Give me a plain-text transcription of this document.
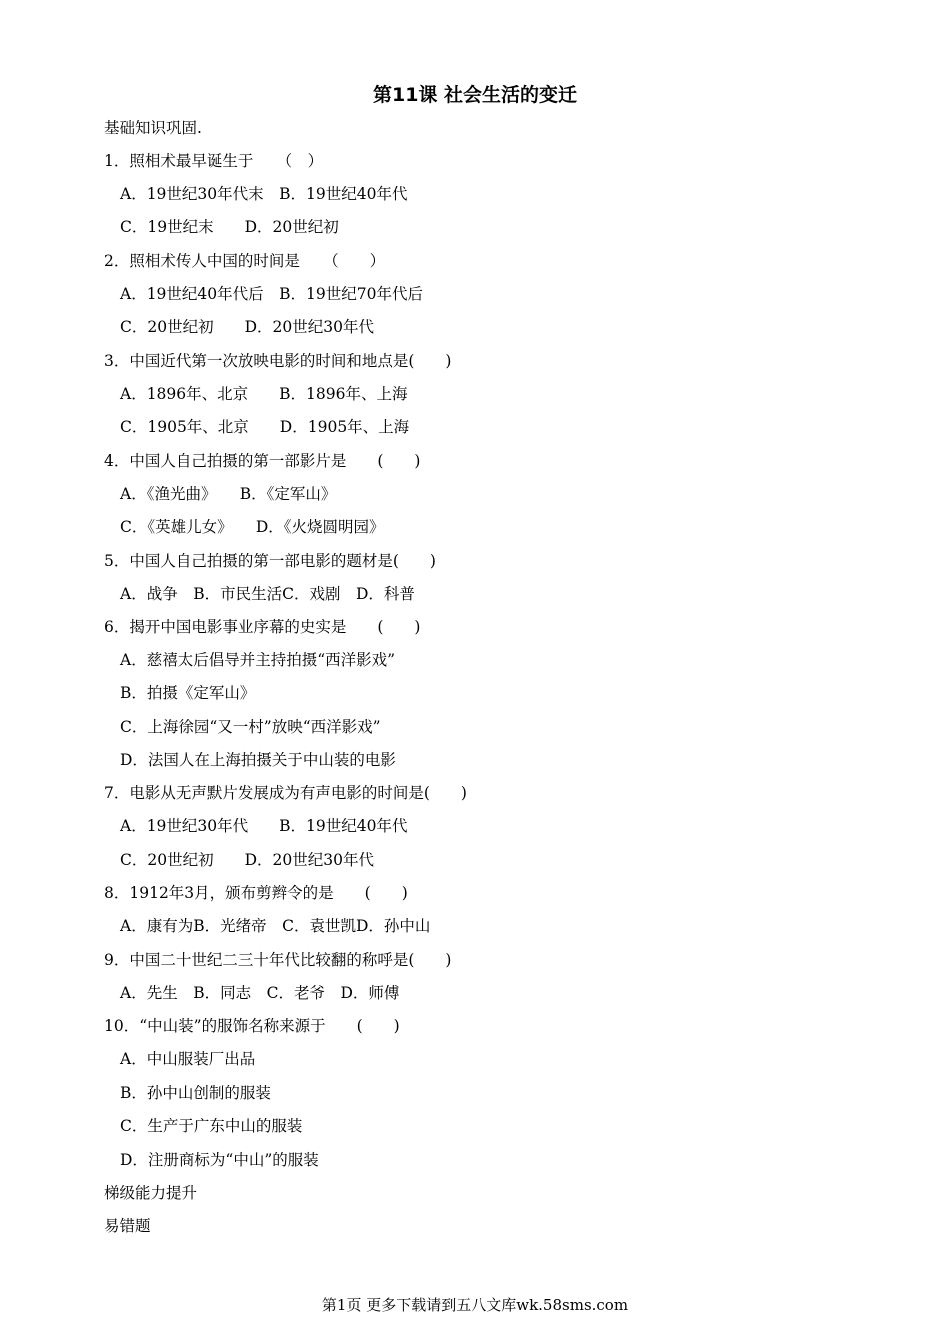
第11课 社会生活的变迁
基础知识巩固.
1．照相术最早诞生于　　（　）
A．19世纪30年代末　B．19世纪40年代
C．19世纪末　　D．20世纪初
2．照相术传人中国的时间是　　（　　）
A．19世纪40年代后　B．19世纪70年代后
C．20世纪初　　D．20世纪30年代
3．中国近代第一次放映电影的时间和地点是(　　)
A．1896年、北京　　B．1896年、上海
C．1905年、北京　　D．1905年、上海
4．中国人自己拍摄的第一部影片是　　(　　)
A．《渔光曲》　　B．《定军山》
C．《英雄儿女》　　D．《火烧圆明园》
5．中国人自己拍摄的第一部电影的题材是(　　)
A．战争　B．市民生活C．戏剧　D．科普
6．揭开中国电影事业序幕的史实是　　(　　)
A．慈禧太后倡导并主持拍摄“西洋影戏”
B．拍摄《定军山》
C．上海徐园“又一村”放映“西洋影戏”
D．法国人在上海拍摄关于中山装的电影
7．电影从无声默片发展成为有声电影的时间是(　　)
A．19世纪30年代　　B．19世纪40年代
C．20世纪初　　D．20世纪30年代
8．1912年3月，颁布剪辫令的是　　(　　)
A．康有为B．光绪帝　C．袁世凯D．孙中山
9．中国二十世纪二三十年代比较翻的称呼是(　　)
A．先生　B．同志　C．老爷　D．师傅
10．“中山装”的服饰名称来源于　　(　　)
A．中山服装厂出品
B．孙中山创制的服装
C．生产于广东中山的服装
D．注册商标为“中山”的服装
梯级能力提升
易错题
第1页 更多下载请到五八文库wk.58sms.com
